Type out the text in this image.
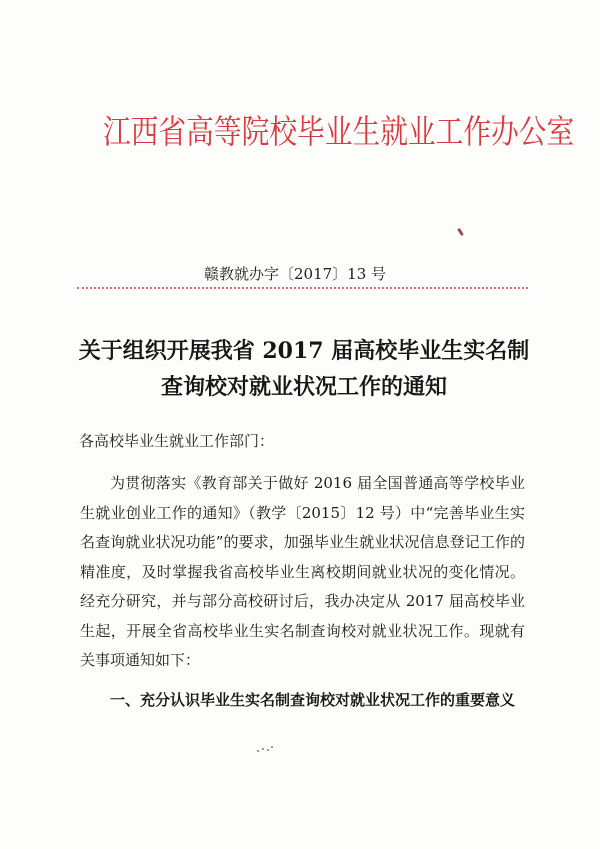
江西省高等院校毕业生就业工作办公室
赣教就办字〔2017〕13 号
关于组织开展我省 2017 届高校毕业生实名制
查询校对就业状况工作的通知
各高校毕业生就业工作部门：
为贯彻落实《教育部关于做好 2016 届全国普通高等学校毕业生就业创业工作的通知》（教学〔2015〕12 号）中“完善毕业生实名查询就业状况功能”的要求，加强毕业生就业状况信息登记工作的精准度，及时掌握我省高校毕业生离校期间就业状况的变化情况。经充分研究，并与部分高校研讨后，我办决定从 2017 届高校毕业生起，开展全省高校毕业生实名制查询校对就业状况工作。现就有关事项通知如下：
一、充分认识毕业生实名制查询校对就业状况工作的重要意义
